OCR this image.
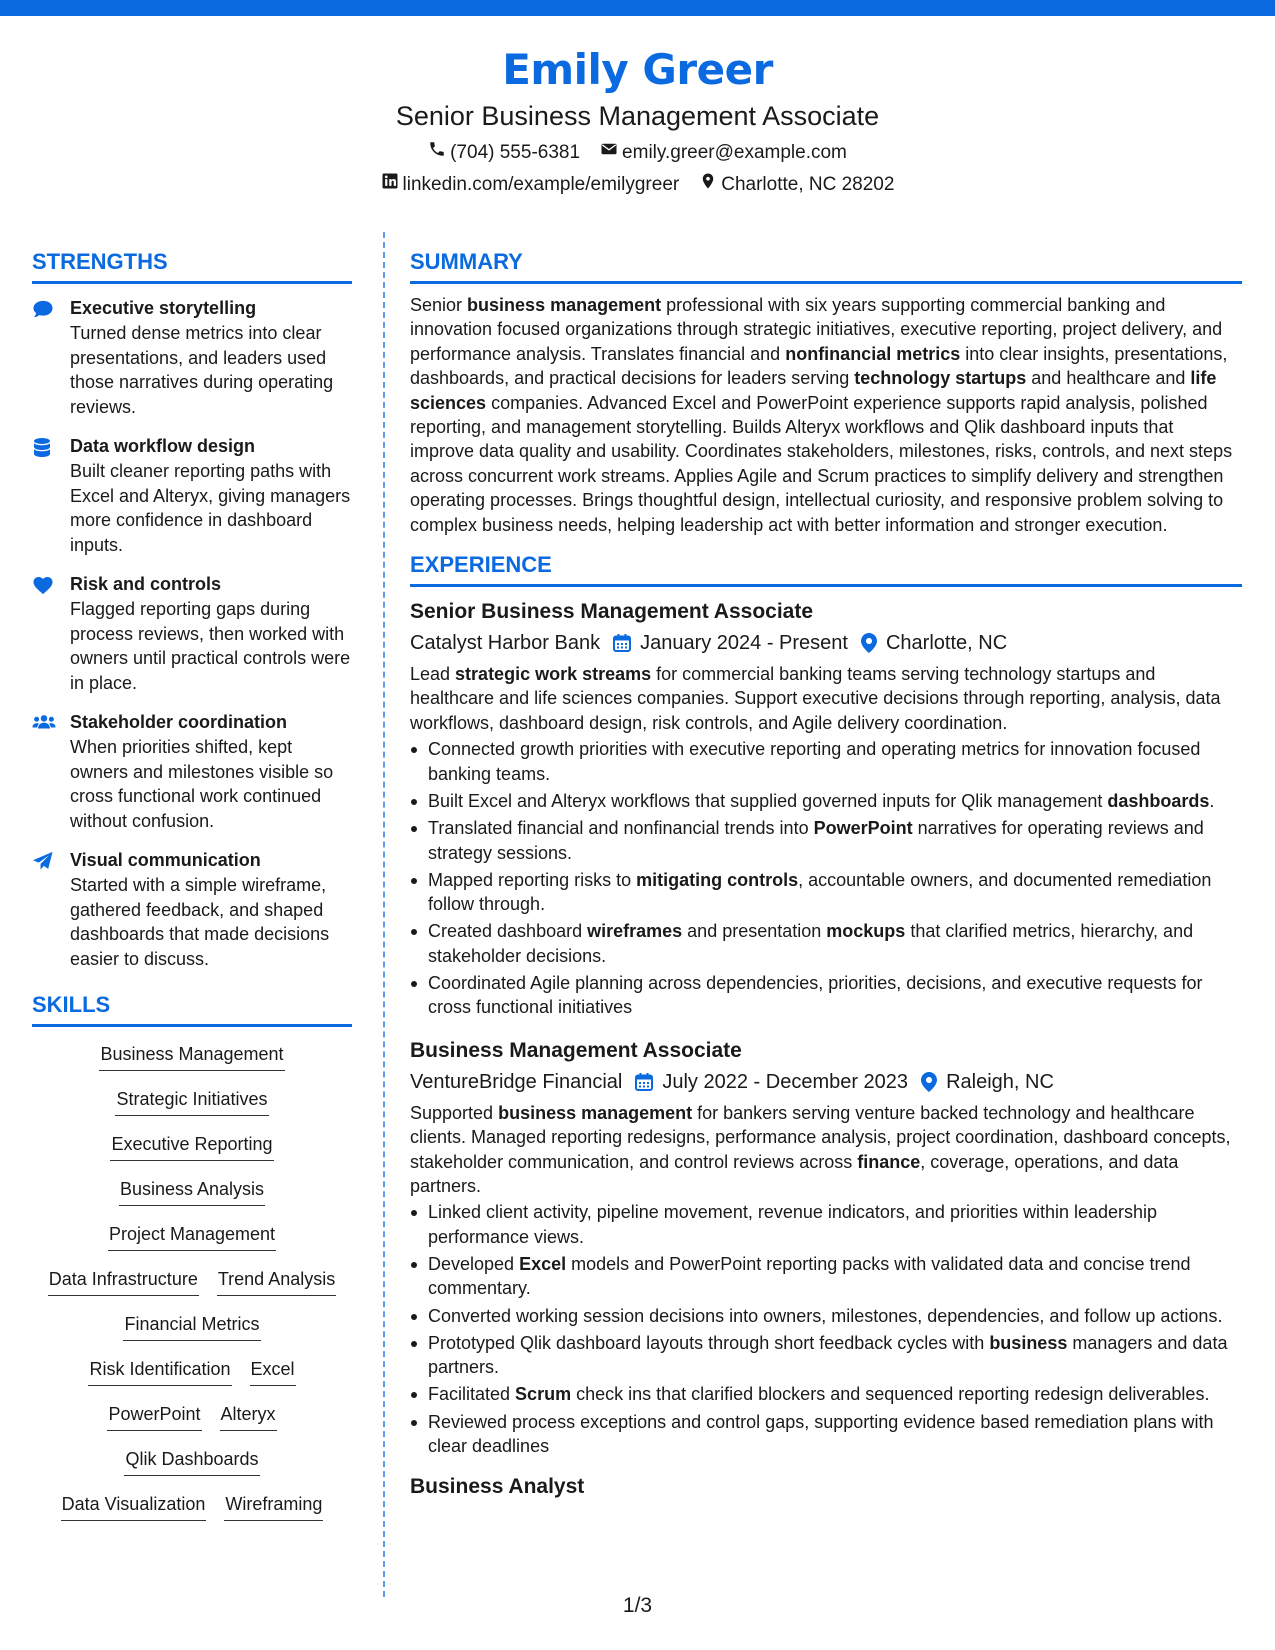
Emily Greer
Senior Business Management Associate
(704) 555-6381 emily.greer@example.com
linkedin.com/example/emilygreer Charlotte, NC 28202
STRENGTHS
Executive storytelling
Turned dense metrics into clear presentations, and leaders used those narratives during operating reviews.
Data workflow design
Built cleaner reporting paths with Excel and Alteryx, giving managers more confidence in dashboard inputs.
Risk and controls
Flagged reporting gaps during process reviews, then worked with owners until practical controls were in place.
Stakeholder coordination
When priorities shifted, kept owners and milestones visible so cross functional work continued without confusion.
Visual communication
Started with a simple wireframe, gathered feedback, and shaped dashboards that made decisions easier to discuss.
SKILLS
Business Management
Strategic Initiatives
Executive Reporting
Business Analysis
Project Management
Data Infrastructure Trend Analysis
Financial Metrics
Risk Identification Excel
PowerPoint Alteryx
Qlik Dashboards
Data Visualization Wireframing
SUMMARY
Senior business management professional with six years supporting commercial banking and innovation focused organizations through strategic initiatives, executive reporting, project delivery, and performance analysis. Translates financial and nonfinancial metrics into clear insights, presentations, dashboards, and practical decisions for leaders serving technology startups and healthcare and life sciences companies. Advanced Excel and PowerPoint experience supports rapid analysis, polished reporting, and management storytelling. Builds Alteryx workflows and Qlik dashboard inputs that improve data quality and usability. Coordinates stakeholders, milestones, risks, controls, and next steps across concurrent work streams. Applies Agile and Scrum practices to simplify delivery and strengthen operating processes. Brings thoughtful design, intellectual curiosity, and responsive problem solving to complex business needs, helping leadership act with better information and stronger execution.
EXPERIENCE
Senior Business Management Associate
Catalyst Harbor Bank January 2024 - Present Charlotte, NC
Lead strategic work streams for commercial banking teams serving technology startups and healthcare and life sciences companies. Support executive decisions through reporting, analysis, data workflows, dashboard design, risk controls, and Agile delivery coordination.
Connected growth priorities with executive reporting and operating metrics for innovation focused banking teams.
Built Excel and Alteryx workflows that supplied governed inputs for Qlik management dashboards.
Translated financial and nonfinancial trends into PowerPoint narratives for operating reviews and strategy sessions.
Mapped reporting risks to mitigating controls, accountable owners, and documented remediation follow through.
Created dashboard wireframes and presentation mockups that clarified metrics, hierarchy, and stakeholder decisions.
Coordinated Agile planning across dependencies, priorities, decisions, and executive requests for cross functional initiatives
Business Management Associate
VentureBridge Financial July 2022 - December 2023 Raleigh, NC
Supported business management for bankers serving venture backed technology and healthcare clients. Managed reporting redesigns, performance analysis, project coordination, dashboard concepts, stakeholder communication, and control reviews across finance, coverage, operations, and data partners.
Linked client activity, pipeline movement, revenue indicators, and priorities within leadership performance views.
Developed Excel models and PowerPoint reporting packs with validated data and concise trend commentary.
Converted working session decisions into owners, milestones, dependencies, and follow up actions.
Prototyped Qlik dashboard layouts through short feedback cycles with business managers and data partners.
Facilitated Scrum check ins that clarified blockers and sequenced reporting redesign deliverables.
Reviewed process exceptions and control gaps, supporting evidence based remediation plans with clear deadlines
Business Analyst
1/3
